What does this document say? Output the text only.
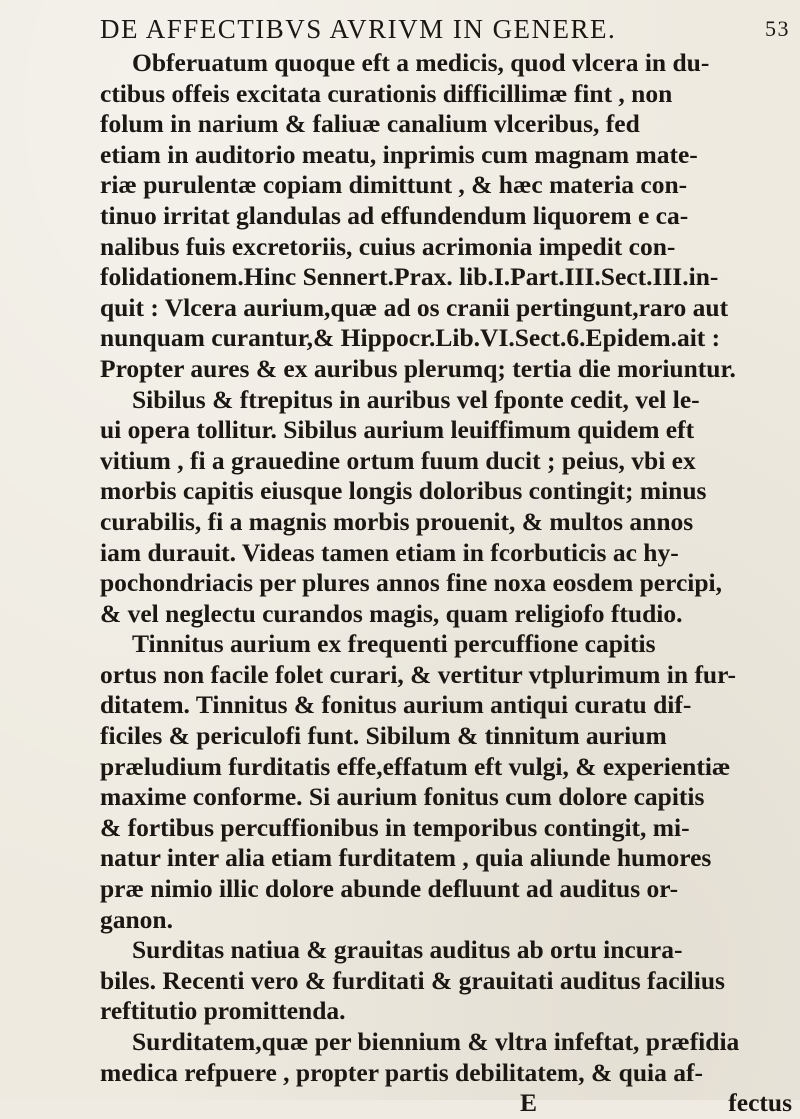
DE AFFECTIBVS AVRIVM IN GENERE.	53
Obferuatum quoque eft a medicis, quod vlcera in du-
ctibus offeis excitata curationis difficillimæ fint , non
folum in narium & faliuæ canalium vlceribus, fed
etiam in auditorio meatu, inprimis cum magnam mate-
riæ purulentæ copiam dimittunt , & hæc materia con-
tinuo irritat glandulas ad effundendum liquorem e ca-
nalibus fuis excretoriis, cuius acrimonia impedit con-
folidationem.Hinc Sennert.Prax. lib.I.Part.III.Sect.III.in-
quit : Vlcera aurium,quæ ad os cranii pertingunt,raro aut
nunquam curantur,& Hippocr.Lib.VI.Sect.6.Epidem.ait :
Propter aures & ex auribus plerumq; tertia die moriuntur.
Sibilus & ftrepitus in auribus vel fponte cedit, vel le-
ui opera tollitur. Sibilus aurium leuiffimum quidem eft
vitium , fi a grauedine ortum fuum ducit ; peius, vbi ex
morbis capitis eiusque longis doloribus contingit; minus
curabilis, fi a magnis morbis prouenit, & multos annos
iam durauit. Videas tamen etiam in fcorbuticis ac hy-
pochondriacis per plures annos fine noxa eosdem percipi,
& vel neglectu curandos magis, quam religiofo ftudio.
Tinnitus aurium ex frequenti percuffione capitis
ortus non facile folet curari, & vertitur vtplurimum in fur-
ditatem. Tinnitus & fonitus aurium antiqui curatu dif-
ficiles & periculofi funt. Sibilum & tinnitum aurium
præludium furditatis effe,effatum eft vulgi, & experientiæ
maxime conforme. Si aurium fonitus cum dolore capitis
& fortibus percuffionibus in temporibus contingit, mi-
natur inter alia etiam furditatem , quia aliunde humores
præ nimio illic dolore abunde defluunt ad auditus or-
ganon.
Surditas natiua & grauitas auditus ab ortu incura-
biles. Recenti vero & furditati & grauitati auditus facilius
reftitutio promittenda.
Surditatem,quæ per biennium & vltra infeftat, præfidia
medica refpuere , propter partis debilitatem, & quia af-
E	fectus
